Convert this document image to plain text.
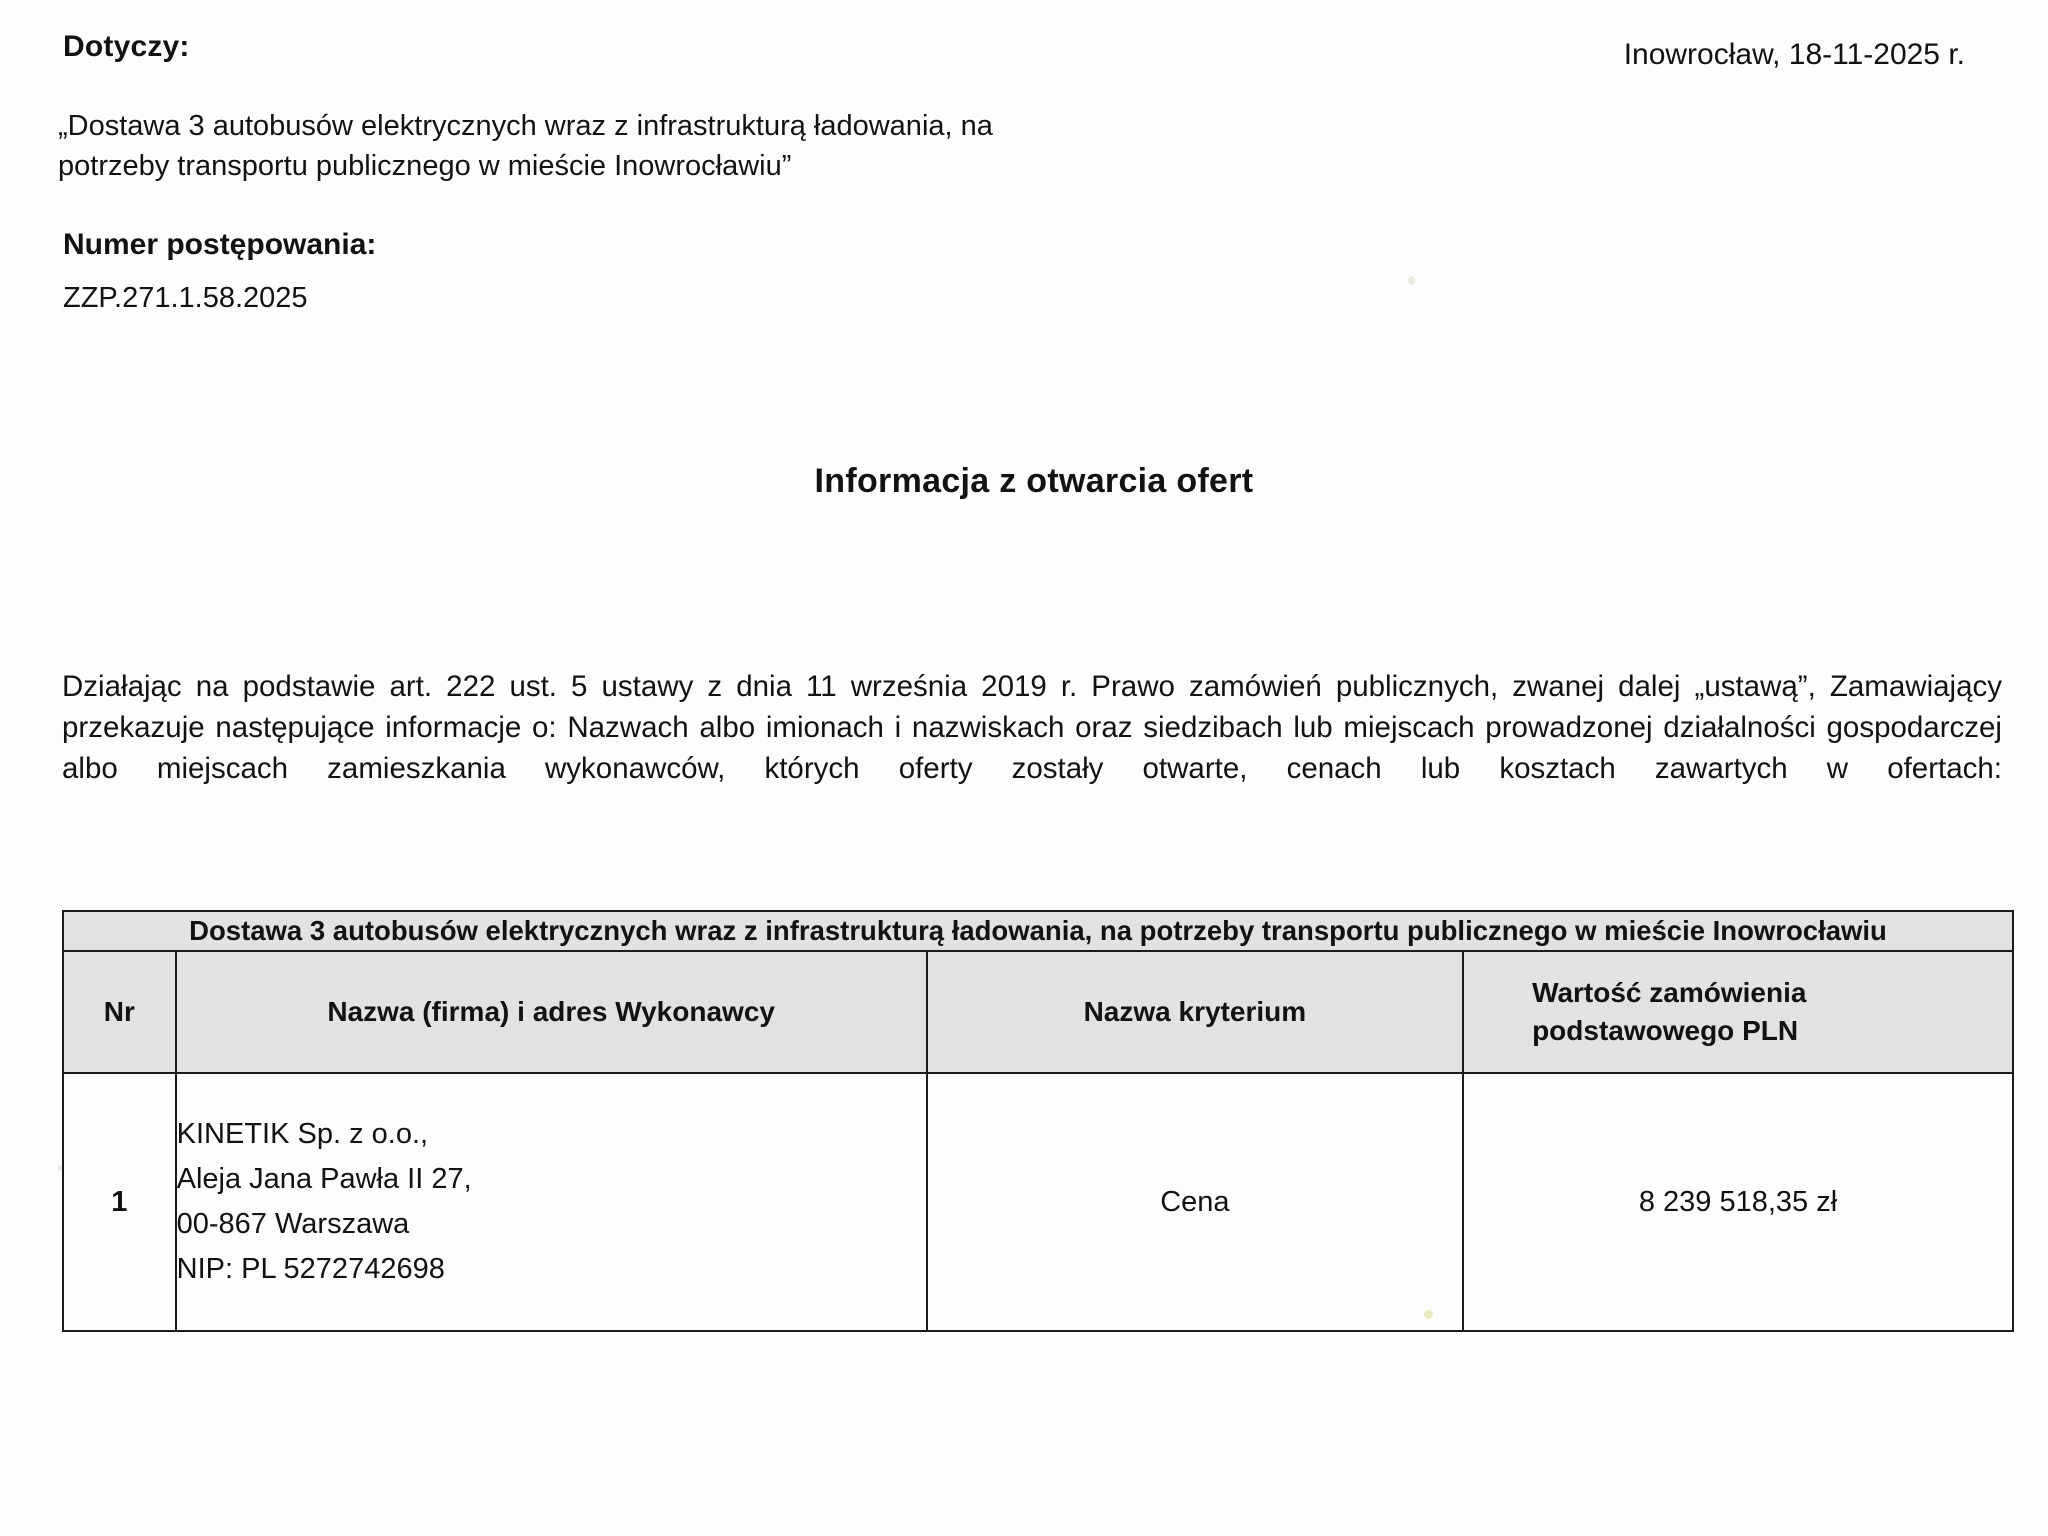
Dotyczy:	Inowrocław, 18-11-2025 r.
„Dostawa 3 autobusów elektrycznych wraz z infrastrukturą ładowania, na
potrzeby transportu publicznego w mieście Inowrocławiu”
Numer postępowania:
ZZP.271.1.58.2025
Informacja z otwarcia ofert
Działając na podstawie art. 222 ust. 5 ustawy z dnia 11 września 2019 r. Prawo zamówień publicznych, zwanej dalej „ustawą”, Zamawiający przekazuje następujące informacje o: Nazwach albo imionach i nazwiskach oraz siedzibach lub miejscach prowadzonej działalności gospodarczej albo miejscach zamieszkania wykonawców, których oferty zostały otwarte, cenach lub kosztach zawartych w ofertach:
Dostawa 3 autobusów elektrycznych wraz z infrastrukturą ładowania, na potrzeby transportu publicznego w mieście Inowrocławiu			
Nr	Nazwa (firma) i adres Wykonawcy	Nazwa kryterium	Wartość zamówienia
podstawowego PLN

1	KINETIK Sp. z o.o.,
Aleja Jana Pawła II 27,
00-867 Warszawa
NIP: PL 5272742698	Cena	8 239 518,35 zł
